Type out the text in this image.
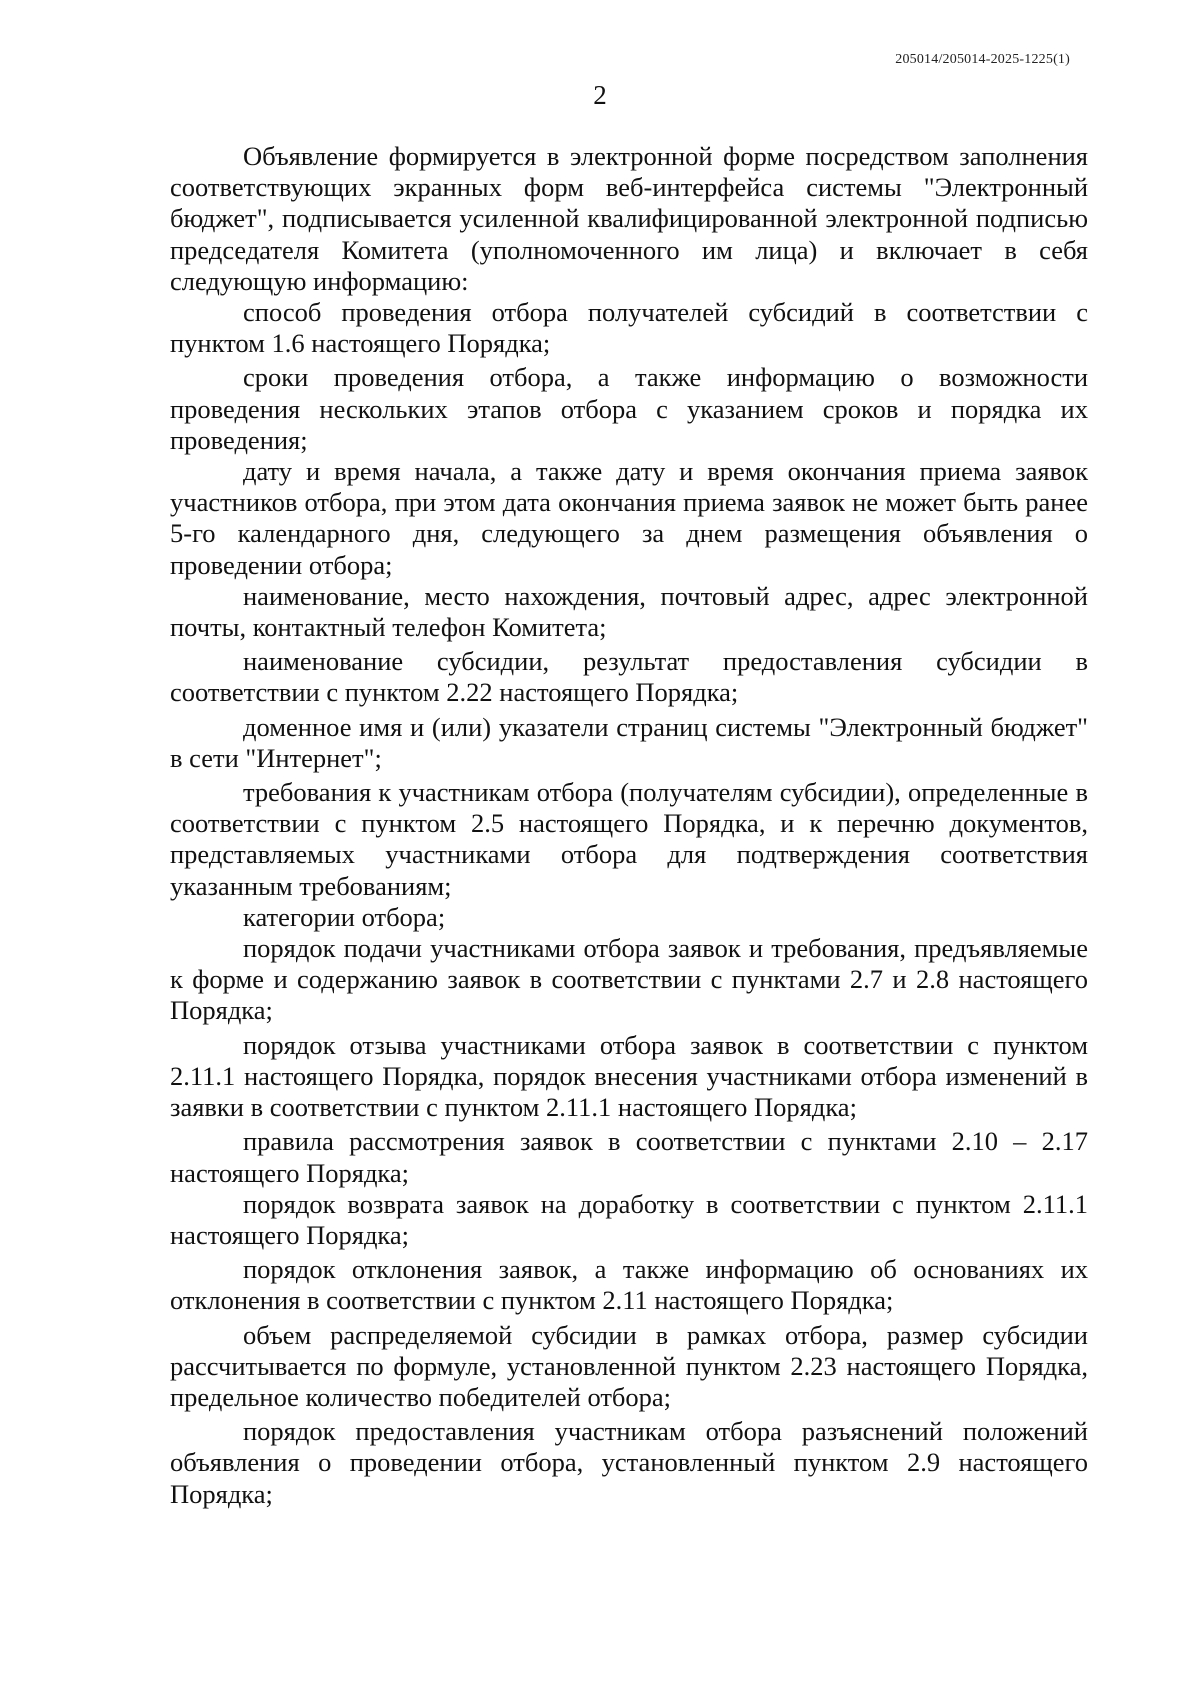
205014/205014-2025-1225(1)
2

Объявление формируется в электронной форме посредством заполнения соответствующих экранных форм веб-интерфейса системы "Электронный бюджет", подписывается усиленной квалифицированной электронной подписью председателя Комитета (уполномоченного им лица) и включает в себя следующую информацию:

способ проведения отбора получателей субсидий в соответствии с пунктом 1.6 настоящего Порядка;

сроки проведения отбора, а также информацию о возможности проведения нескольких этапов отбора с указанием сроков и порядка их проведения;

дату и время начала, а также дату и время окончания приема заявок участников отбора, при этом дата окончания приема заявок не может быть ранее 5-го календарного дня, следующего за днем размещения объявления о проведении отбора;

наименование, место нахождения, почтовый адрес, адрес электронной почты, контактный телефон Комитета;

наименование субсидии, результат предоставления субсидии в соответствии с пунктом 2.22 настоящего Порядка;

доменное имя и (или) указатели страниц системы "Электронный бюджет" в сети "Интернет";

требования к участникам отбора (получателям субсидии), определенные в соответствии с пунктом 2.5 настоящего Порядка, и к перечню документов, представляемых участниками отбора для подтверждения соответствия указанным требованиям;

категории отбора;

порядок подачи участниками отбора заявок и требования, предъявляемые к форме и содержанию заявок в соответствии с пунктами 2.7 и 2.8 настоящего Порядка;

порядок отзыва участниками отбора заявок в соответствии с пунктом 2.11.1 настоящего Порядка, порядок внесения участниками отбора изменений в заявки в соответствии с пунктом 2.11.1 настоящего Порядка;

правила рассмотрения заявок в соответствии с пунктами 2.10 – 2.17 настоящего Порядка;

порядок возврата заявок на доработку в соответствии с пунктом 2.11.1 настоящего Порядка;

порядок отклонения заявок, а также информацию об основаниях их отклонения в соответствии с пунктом 2.11 настоящего Порядка;

объем распределяемой субсидии в рамках отбора, размер субсидии рассчитывается по формуле, установленной пунктом 2.23 настоящего Порядка, предельное количество победителей отбора;

порядок предоставления участникам отбора разъяснений положений объявления о проведении отбора, установленный пунктом 2.9 настоящего Порядка;
